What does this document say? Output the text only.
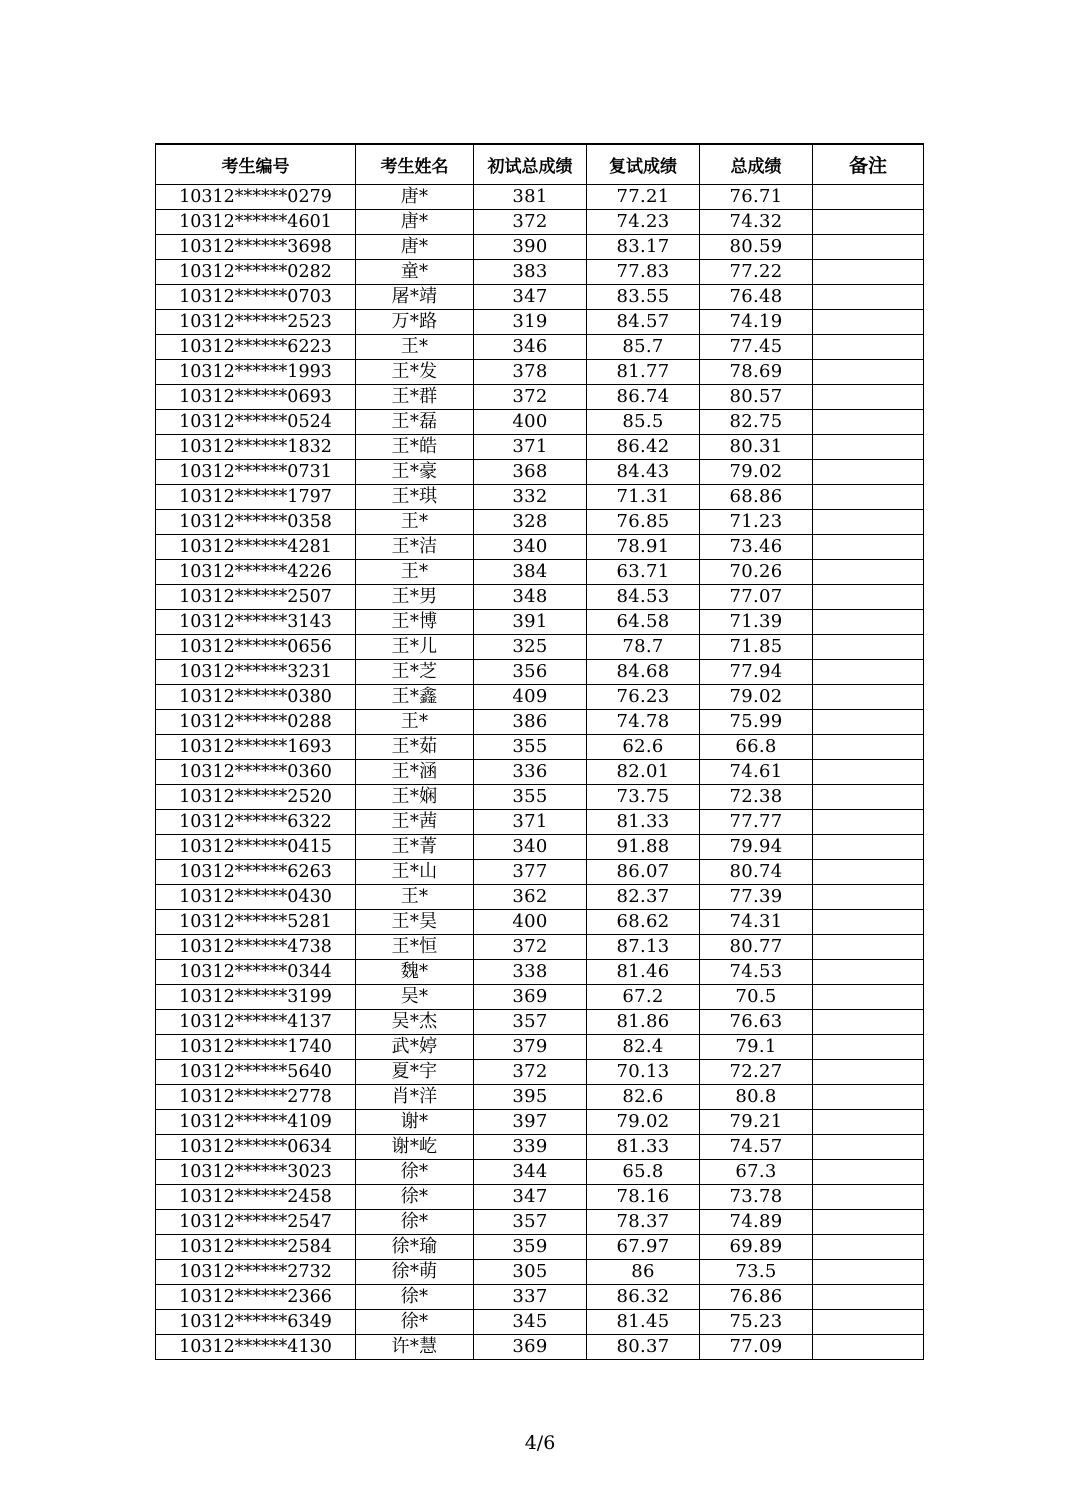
考生编号	考生姓名	初试总成绩	复试成绩	总成绩	备注
10312******0279	唐*	381	77.21	76.71	
10312******4601	唐*	372	74.23	74.32	
10312******3698	唐*	390	83.17	80.59	
10312******0282	童*	383	77.83	77.22	
10312******0703	屠*靖	347	83.55	76.48	
10312******2523	万*路	319	84.57	74.19	
10312******6223	王*	346	85.7	77.45	
10312******1993	王*发	378	81.77	78.69	
10312******0693	王*群	372	86.74	80.57	
10312******0524	王*磊	400	85.5	82.75	
10312******1832	王*皓	371	86.42	80.31	
10312******0731	王*豪	368	84.43	79.02	
10312******1797	王*琪	332	71.31	68.86	
10312******0358	王*	328	76.85	71.23	
10312******4281	王*洁	340	78.91	73.46	
10312******4226	王*	384	63.71	70.26	
10312******2507	王*男	348	84.53	77.07	
10312******3143	王*博	391	64.58	71.39	
10312******0656	王*儿	325	78.7	71.85	
10312******3231	王*芝	356	84.68	77.94	
10312******0380	王*鑫	409	76.23	79.02	
10312******0288	王*	386	74.78	75.99	
10312******1693	王*茹	355	62.6	66.8	
10312******0360	王*涵	336	82.01	74.61	
10312******2520	王*娴	355	73.75	72.38	
10312******6322	王*茜	371	81.33	77.77	
10312******0415	王*菁	340	91.88	79.94	
10312******6263	王*山	377	86.07	80.74	
10312******0430	王*	362	82.37	77.39	
10312******5281	王*昊	400	68.62	74.31	
10312******4738	王*恒	372	87.13	80.77	
10312******0344	魏*	338	81.46	74.53	
10312******3199	吴*	369	67.2	70.5	
10312******4137	吴*杰	357	81.86	76.63	
10312******1740	武*婷	379	82.4	79.1	
10312******5640	夏*宇	372	70.13	72.27	
10312******2778	肖*洋	395	82.6	80.8	
10312******4109	谢*	397	79.02	79.21	
10312******0634	谢*屹	339	81.33	74.57	
10312******3023	徐*	344	65.8	67.3	
10312******2458	徐*	347	78.16	73.78	
10312******2547	徐*	357	78.37	74.89	
10312******2584	徐*瑜	359	67.97	69.89	
10312******2732	徐*萌	305	86	73.5	
10312******2366	徐*	337	86.32	76.86	
10312******6349	徐*	345	81.45	75.23	
10312******4130	许*慧	369	80.37	77.09	
4/6
